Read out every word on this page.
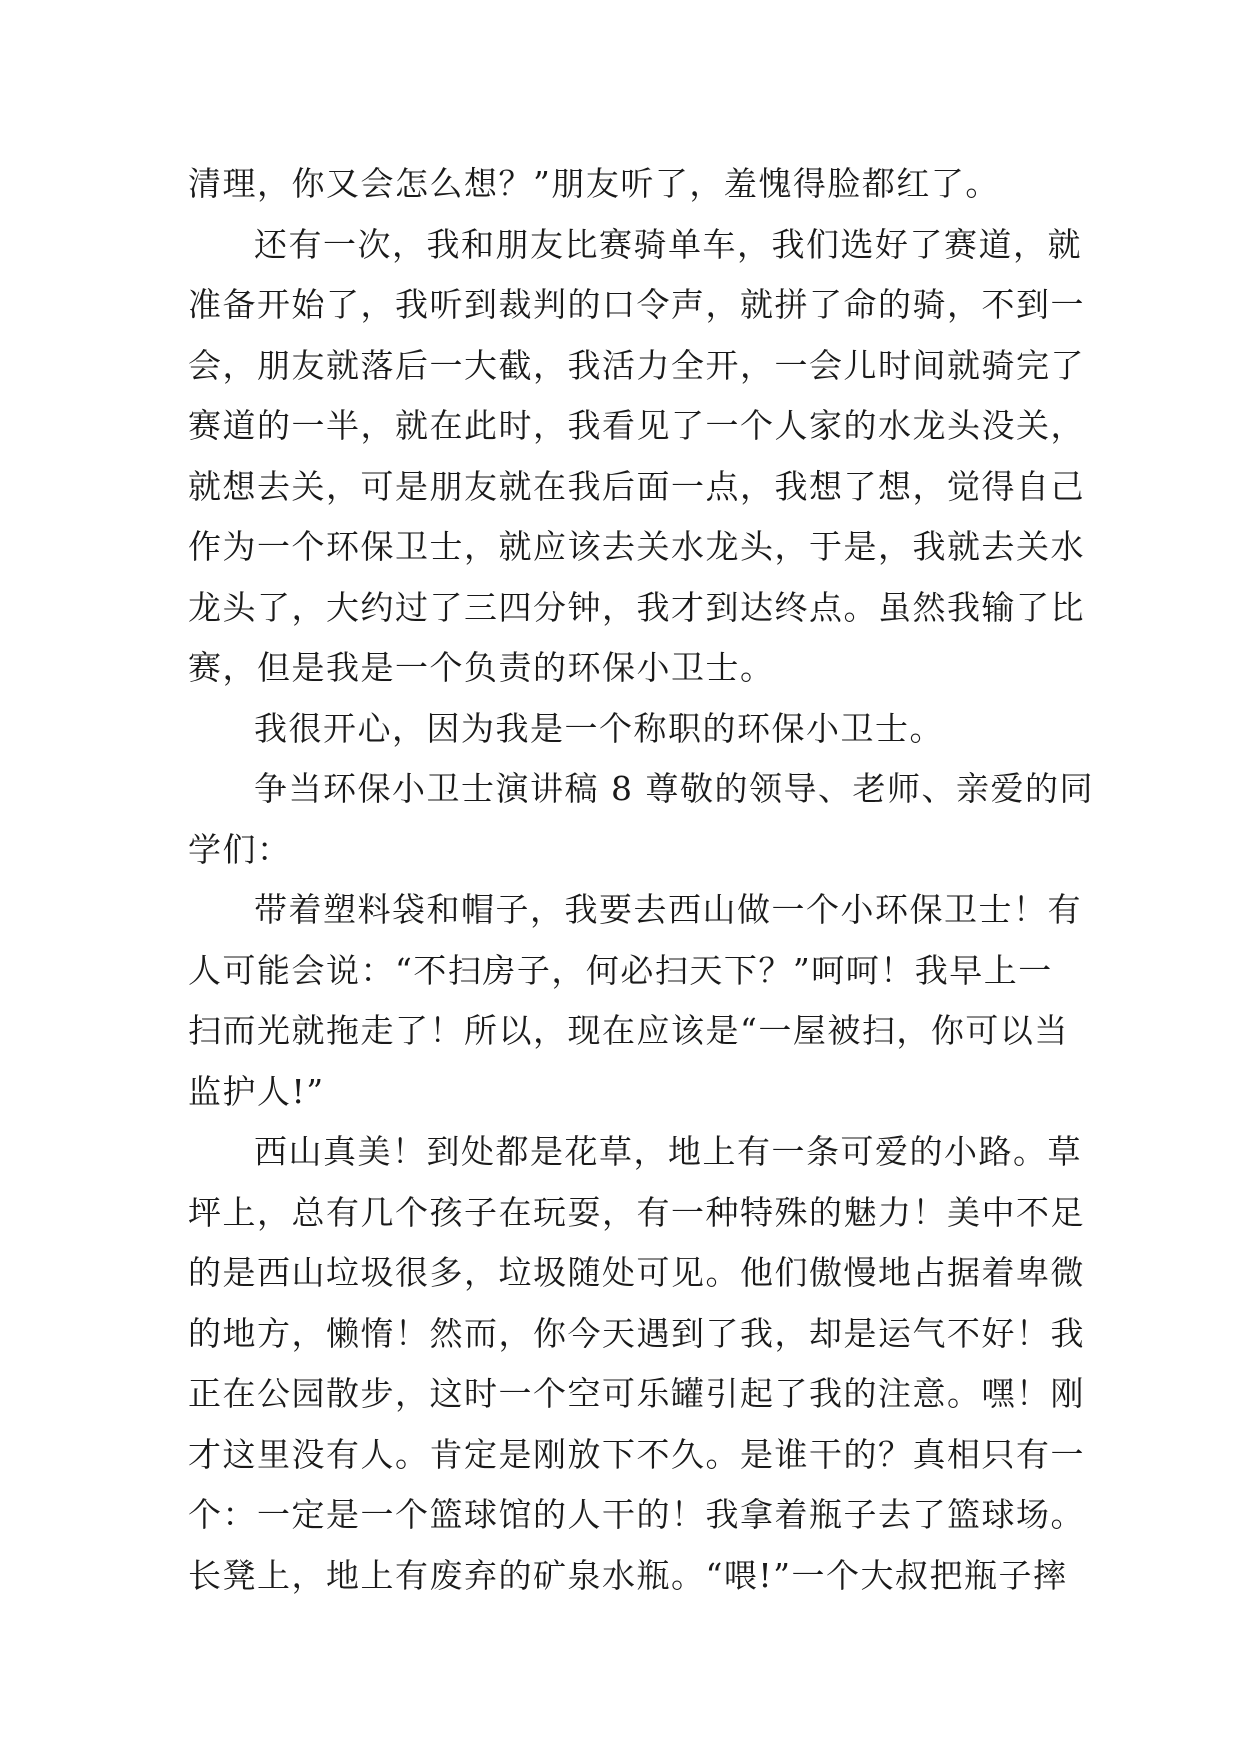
清理，你又会怎么想？”朋友听了，羞愧得脸都红了。
还有一次，我和朋友比赛骑单车，我们选好了赛道，就
准备开始了，我听到裁判的口令声，就拼了命的骑，不到一
会，朋友就落后一大截，我活力全开，一会儿时间就骑完了
赛道的一半，就在此时，我看见了一个人家的水龙头没关，
就想去关，可是朋友就在我后面一点，我想了想，觉得自己
作为一个环保卫士，就应该去关水龙头，于是，我就去关水
龙头了，大约过了三四分钟，我才到达终点。虽然我输了比
赛，但是我是一个负责的环保小卫士。
我很开心，因为我是一个称职的环保小卫士。
争当环保小卫士演讲稿 8 尊敬的领导、老师、亲爱的同
学们：
带着塑料袋和帽子，我要去西山做一个小环保卫士！有
人可能会说：“不扫房子，何必扫天下？”呵呵！我早上一
扫而光就拖走了！所以，现在应该是“一屋被扫，你可以当
监护人!”
西山真美！到处都是花草，地上有一条可爱的小路。草
坪上，总有几个孩子在玩耍，有一种特殊的魅力！美中不足
的是西山垃圾很多，垃圾随处可见。他们傲慢地占据着卑微
的地方，懒惰！然而，你今天遇到了我，却是运气不好！我
正在公园散步，这时一个空可乐罐引起了我的注意。嘿！刚
才这里没有人。肯定是刚放下不久。是谁干的？真相只有一
个：一定是一个篮球馆的人干的！我拿着瓶子去了篮球场。
长凳上，地上有废弃的矿泉水瓶。“喂!”一个大叔把瓶子摔
